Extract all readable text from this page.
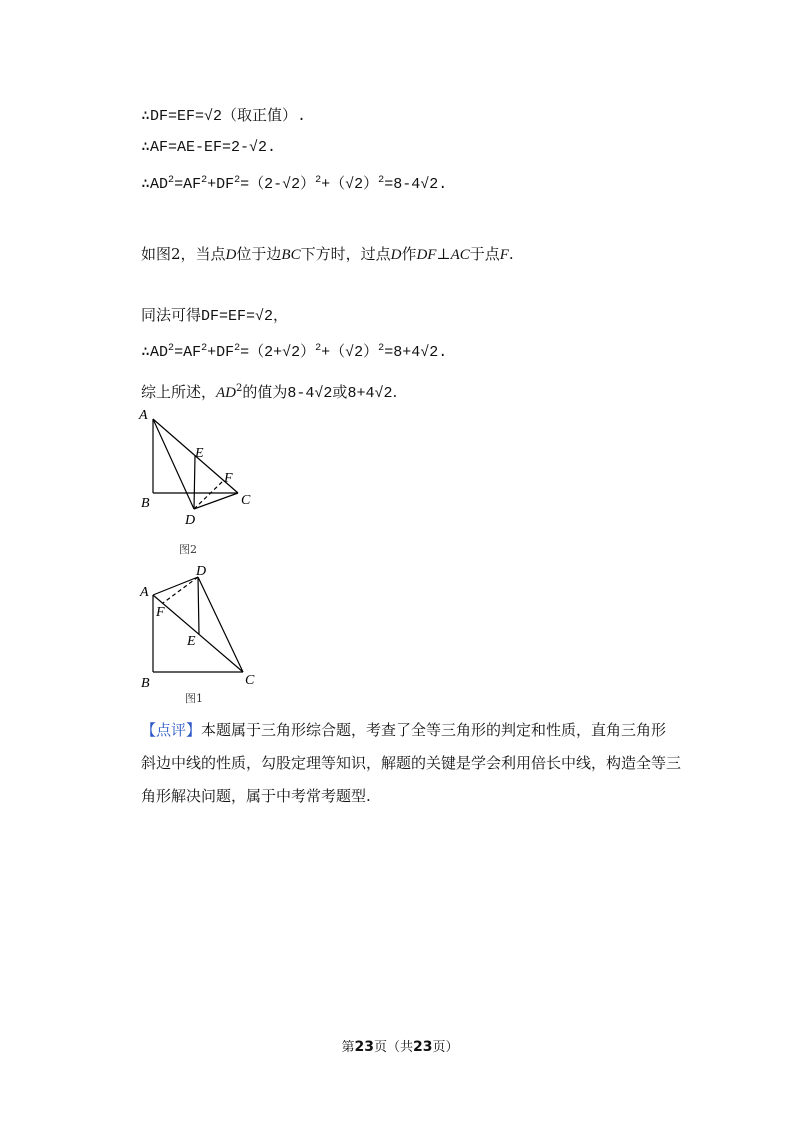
∴DF=EF=√2（取正值）.
∴AF=AE-EF=2-√2.
$\therefore AD^2=AF^2+DF^2=(2-√2)^2+(√2)^2=8-4√2$.
如图2，当点D位于边BC下方时，过点D作DF⊥AC于点F.
同法可得DF=EF=√2，
$\therefore AD^2=AF^2+DF^2=(2+√2)^2+(√2)^2=8+4√2$.
综上所述，$AD^2$的值为8-4√2或8+4√2.
A
E
F
B	C
D
图2
D
A
F
E
B	C
图1
【点评】本题属于三角形综合题，考查了全等三角形的判定和性质，直角三角形斜边中线的性质，勾股定理等知识，解题的关键是学会利用倍长中线，构造全等三角形解决问题，属于中考常考题型.
第23页（共23页）
